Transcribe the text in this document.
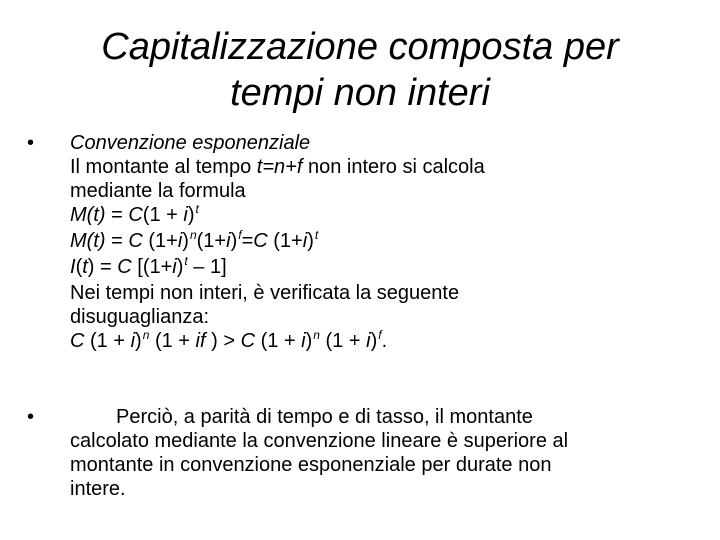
Capitalizzazione composta per
tempi non interi
• Convenzione esponenziale
Il montante al tempo t=n+f non intero si calcola
mediante la formula
$M(t) = C(1 + i)^t$
M(t) = C $(1+i)^n(1+i)^f=C$ $(1+i)^t$
I(t) = C $[(1+i)^t - 1]$
Nei tempi non interi, è verificata la seguente
disuguaglianza:
C $(1 + i)^n$ (1 + if ) > C $(1 + i)^n$ $(1 + i)^f$.
•	Perciò, a parità di tempo e di tasso, il montante
calcolato mediante la convenzione lineare è superiore al
montante in convenzione esponenziale per durate non
intere.
